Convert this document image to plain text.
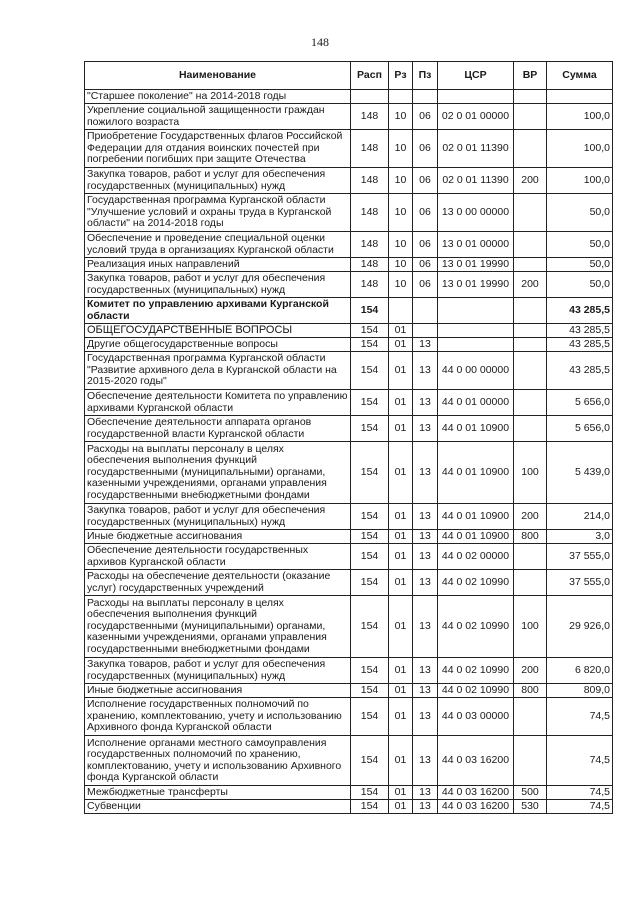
148
Наименование	Расп	Рз	Пз	ЦСР	ВР	Сумма
"Старшее поколение" на 2014-2018 годы						
Укрепление социальной защищенности граждан пожилого возраста	148	10	06	02 0 01 00000		100,0
Приобретение Государственных флагов Российской Федерации для отдания воинских почестей при погребении погибших при защите Отечества	148	10	06	02 0 01 11390		100,0
Закупка товаров, работ и услуг для обеспечения государственных (муниципальных) нужд	148	10	06	02 0 01 11390	200	100,0
Государственная программа Курганской области "Улучшение условий и охраны труда в Курганской области" на 2014-2018 годы	148	10	06	13 0 00 00000		50,0
Обеспечение и проведение специальной оценки условий труда в организациях Курганской области	148	10	06	13 0 01 00000		50,0
Реализация иных направлений	148	10	06	13 0 01 19990		50,0
Закупка товаров, работ и услуг для обеспечения государственных (муниципальных) нужд	148	10	06	13 0 01 19990	200	50,0
Комитет по управлению архивами Курганской области	154					43 285,5
ОБЩЕГОСУДАРСТВЕННЫЕ ВОПРОСЫ	154	01				43 285,5
Другие общегосударственные вопросы	154	01	13			43 285,5
Государственная программа Курганской области "Развитие архивного дела в Курганской области на 2015-2020 годы"	154	01	13	44 0 00 00000		43 285,5
Обеспечение деятельности Комитета по управлению архивами Курганской области	154	01	13	44 0 01 00000		5 656,0
Обеспечение деятельности аппарата органов государственной власти Курганской области	154	01	13	44 0 01 10900		5 656,0
Расходы на выплаты персоналу в целях обеспечения выполнения функций государственными (муниципальными) органами, казенными учреждениями, органами управления государственными внебюджетными фондами	154	01	13	44 0 01 10900	100	5 439,0
Закупка товаров, работ и услуг для обеспечения государственных (муниципальных) нужд	154	01	13	44 0 01 10900	200	214,0
Иные бюджетные ассигнования	154	01	13	44 0 01 10900	800	3,0
Обеспечение деятельности государственных архивов Курганской области	154	01	13	44 0 02 00000		37 555,0
Расходы на обеспечение деятельности (оказание услуг) государственных учреждений	154	01	13	44 0 02 10990		37 555,0
Расходы на выплаты персоналу в целях обеспечения выполнения функций государственными (муниципальными) органами, казенными учреждениями, органами управления государственными внебюджетными фондами	154	01	13	44 0 02 10990	100	29 926,0
Закупка товаров, работ и услуг для обеспечения государственных (муниципальных) нужд	154	01	13	44 0 02 10990	200	6 820,0
Иные бюджетные ассигнования	154	01	13	44 0 02 10990	800	809,0
Исполнение государственных полномочий по хранению, комплектованию, учету и использованию Архивного фонда Курганской области	154	01	13	44 0 03 00000		74,5
Исполнение органами местного самоуправления государственных полномочий по хранению, комплектованию, учету и использованию Архивного фонда Курганской области	154	01	13	44 0 03 16200		74,5
Межбюджетные трансферты	154	01	13	44 0 03 16200	500	74,5
Субвенции	154	01	13	44 0 03 16200	530	74,5
